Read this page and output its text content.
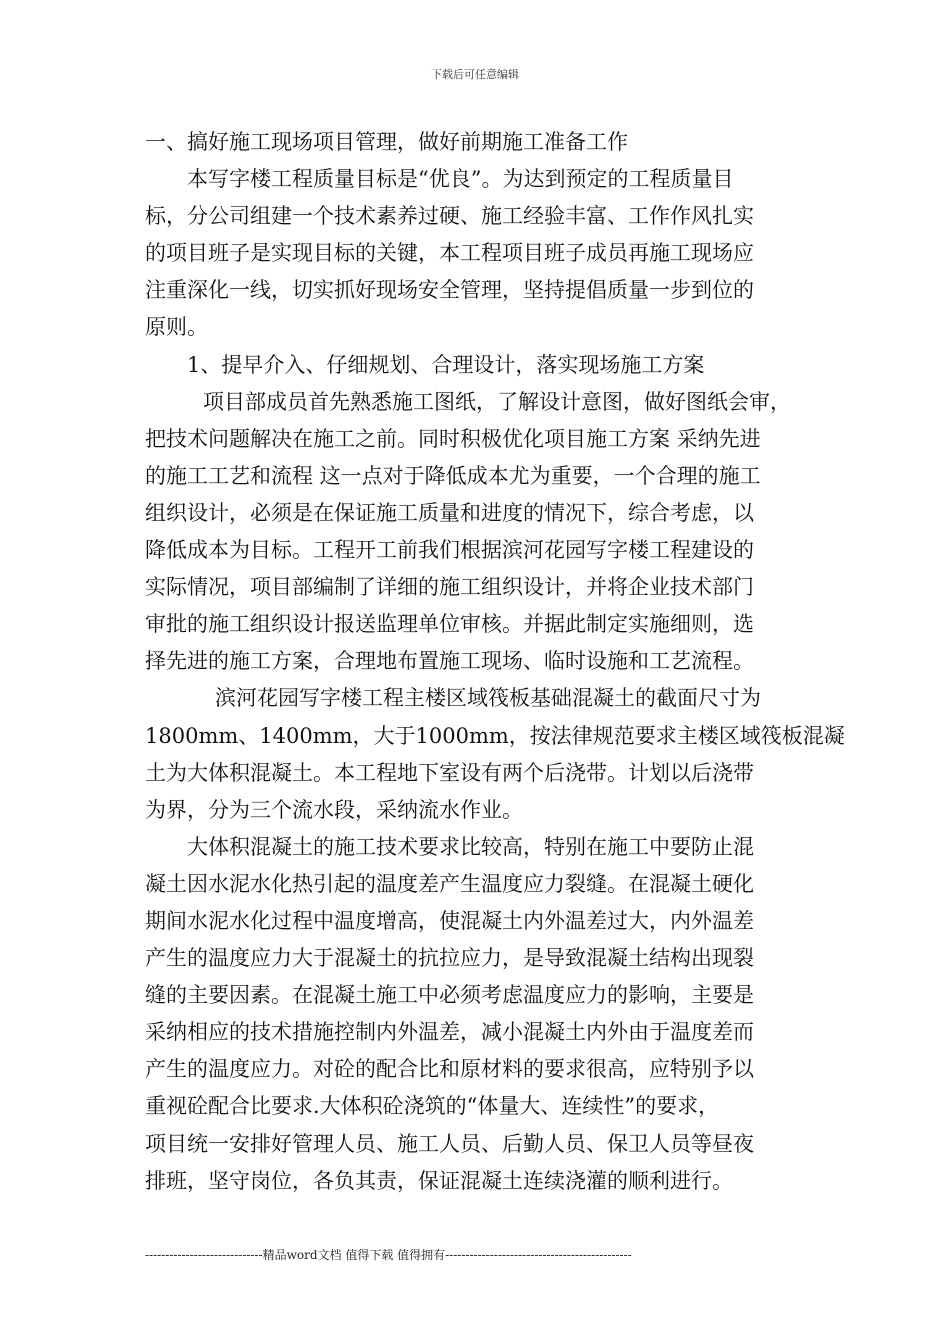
下载后可任意编辑
一、搞好施工现场项目管理，做好前期施工准备工作
本写字楼工程质量目标是“优良”。为达到预定的工程质量目
标，分公司组建一个技术素养过硬、施工经验丰富、工作作风扎实
的项目班子是实现目标的关键，本工程项目班子成员再施工现场应
注重深化一线，切实抓好现场安全管理，坚持提倡质量一步到位的
原则。
1、提早介入、仔细规划、合理设计，落实现场施工方案
项目部成员首先熟悉施工图纸，了解设计意图，做好图纸会审，
把技术问题解决在施工之前。同时积极优化项目施工方案 采纳先进
的施工工艺和流程 这一点对于降低成本尤为重要，一个合理的施工
组织设计，必须是在保证施工质量和进度的情况下，综合考虑，以
降低成本为目标。工程开工前我们根据滨河花园写字楼工程建设的
实际情况，项目部编制了详细的施工组织设计，并将企业技术部门
审批的施工组织设计报送监理单位审核。并据此制定实施细则，选
择先进的施工方案，合理地布置施工现场、临时设施和工艺流程。
滨河花园写字楼工程主楼区域筏板基础混凝土的截面尺寸为
1800mm、1400mm，大于1000mm，按法律规范要求主楼区域筏板混凝
土为大体积混凝土。本工程地下室设有两个后浇带。计划以后浇带
为界，分为三个流水段，采纳流水作业。
大体积混凝土的施工技术要求比较高，特别在施工中要防止混
凝土因水泥水化热引起的温度差产生温度应力裂缝。在混凝土硬化
期间水泥水化过程中温度增高，使混凝土内外温差过大，内外温差
产生的温度应力大于混凝土的抗拉应力，是导致混凝土结构出现裂
缝的主要因素。在混凝土施工中必须考虑温度应力的影响，主要是
采纳相应的技术措施控制内外温差，减小混凝土内外由于温度差而
产生的温度应力。对砼的配合比和原材料的要求很高，应特别予以
重视砼配合比要求.大体积砼浇筑的“体量大、连续性”的要求，
项目统一安排好管理人员、施工人员、后勤人员、保卫人员等昼夜
排班，坚守岗位，各负其责，保证混凝土连续浇灌的顺利进行。
-----------------------------精品word文档 值得下载 值得拥有----------------------------------------------
